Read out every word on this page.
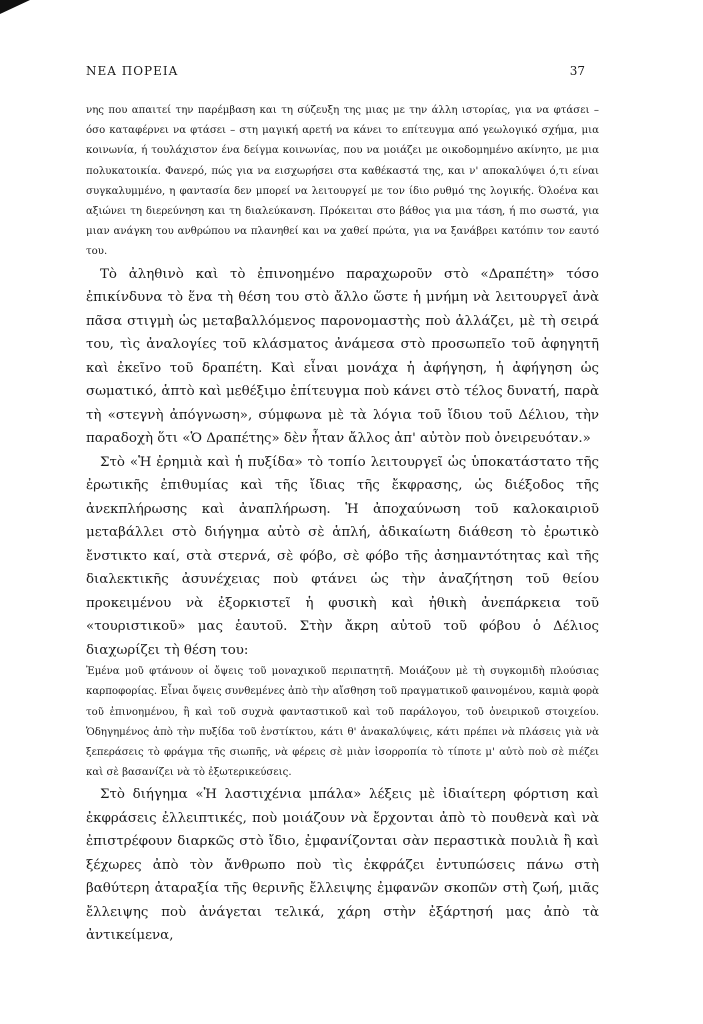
ΝΕΑ ΠΟΡΕΙΑ	37

νης που απαιτεί την παρέμβαση και τη σύζευξη της μιας με την άλλη ιστορίας, για να φτάσει – όσο καταφέρνει να φτάσει – στη μαγική αρετή να κάνει το επίτευγμα από γεωλογικό σχήμα, μια κοινωνία, ή τουλάχιστον ένα δείγμα κοινωνίας, που να μοιάζει με οικοδομημένο ακίνητο, με μια πολυκατοικία. Φανερό, πώς για να εισχωρήσει στα καθέκαστά της, και ν' αποκαλύψει ό,τι είναι συγκαλυμμένο, η φαντασία δεν μπορεί να λειτουργεί με τον ίδιο ρυθμό της λογικής. Όλοένα και αξιώνει τη διερεύνηση και τη διαλεύκανση. Πρόκειται στο βάθος για μια τάση, ή πιο σωστά, για μιαν ανάγκη του ανθρώπου να πλανηθεί και να χαθεί πρώτα, για να ξανάβρει κατόπιν τον εαυτό του.

Τὸ ἀληθινὸ καὶ τὸ ἐπινοημένο παραχωροῦν στὸ «Δραπέτη» τόσο ἐπικίνδυνα τὸ ἕνα τὴ θέση του στὸ ἄλλο ὥστε ἡ μνήμη νὰ λειτουργεῖ ἀνὰ πᾶσα στιγμὴ ὡς μεταβαλλόμενος παρονομαστὴς ποὺ ἀλλάζει, μὲ τὴ σειρά του, τὶς ἀναλογίες τοῦ κλάσματος ἀνάμεσα στὸ προσωπεῖο τοῦ ἀφηγητῆ καὶ ἐκεῖνο τοῦ δραπέτη. Καὶ εἶναι μονάχα ἡ ἀφήγηση, ἡ ἀφήγηση ὡς σωματικό, ἁπτὸ καὶ μεθέξιμο ἐπίτευγμα ποὺ κάνει στὸ τέλος δυνατή, παρὰ τὴ «στεγνὴ ἀπόγνωση», σύμφωνα μὲ τὰ λόγια τοῦ ἴδιου τοῦ Δέλιου, τὴν παραδοχὴ ὅτι «Ὁ Δραπέτης» δὲν ἦταν ἄλλος ἀπ' αὐτὸν ποὺ ὀνειρευόταν.»

Στὸ «Ἡ ἐρημιὰ καὶ ἡ πυξίδα» τὸ τοπίο λειτουργεῖ ὡς ὑποκατάστατο τῆς ἐρωτικῆς ἐπιθυμίας καὶ τῆς ἴδιας τῆς ἔκφρασης, ὡς διέξοδος τῆς ἀνεκπλήρωσης καὶ ἀναπλήρωση. Ἡ ἀποχαύνωση τοῦ καλοκαιριοῦ μεταβάλλει στὸ διήγημα αὐτὸ σὲ ἁπλή, ἀδικαίωτη διάθεση τὸ ἐρωτικὸ ἔνστικτο καί, στὰ στερνά, σὲ φόβο, σὲ φόβο τῆς ἀσημαντότητας καὶ τῆς διαλεκτικῆς ἀσυνέχειας ποὺ φτάνει ὡς τὴν ἀναζήτηση τοῦ θείου προκειμένου νὰ ἐξορκιστεῖ ἡ φυσικὴ καὶ ἠθικὴ ἀνεπάρκεια τοῦ «τουριστικοῦ» μας ἑαυτοῦ. Στὴν ἄκρη αὐτοῦ τοῦ φόβου ὁ Δέλιος διαχωρίζει τὴ θέση του:

Ἐμένα μοῦ φτάνουν οἱ ὄψεις τοῦ μοναχικοῦ περιπατητῆ. Μοιάζουν μὲ τὴ συγκομιδὴ πλούσιας καρποφορίας. Εἶναι ὄψεις συνθεμένες ἀπὸ τὴν αἴσθηση τοῦ πραγματικοῦ φαινομένου, καμιὰ φορὰ τοῦ ἐπινοημένου, ἢ καὶ τοῦ συχνὰ φανταστικοῦ καὶ τοῦ παράλογου, τοῦ ὀνειρικοῦ στοιχείου. Ὁδηγημένος ἀπὸ τὴν πυξίδα τοῦ ἐνστίκτου, κάτι θ' ἀνακαλύψεις, κάτι πρέπει νὰ πλάσεις γιὰ νὰ ξεπεράσεις τὸ φράγμα τῆς σιωπῆς, νὰ φέρεις σὲ μιὰν ἰσορροπία τὸ τίποτε μ' αὐτὸ ποὺ σὲ πιέζει καὶ σὲ βασανίζει νὰ τὸ ἐξωτερικεύσεις.

Στὸ διήγημα «Ἡ λαστιχένια μπάλα» λέξεις μὲ ἰδιαίτερη φόρτιση καὶ ἐκφράσεις ἐλλειπτικές, ποὺ μοιάζουν νὰ ἔρχονται ἀπὸ τὸ πουθενὰ καὶ νὰ ἐπιστρέφουν διαρκῶς στὸ ἴδιο, ἐμφανίζονται σὰν περαστικὰ πουλιὰ ἢ καὶ ξέχωρες ἀπὸ τὸν ἄνθρωπο ποὺ τὶς ἐκφράζει ἐντυπώσεις πάνω στὴ βαθύτερη ἀταραξία τῆς θερινῆς ἔλλειψης ἐμφανῶν σκοπῶν στὴ ζωή, μιᾶς ἔλλειψης ποὺ ἀνάγεται τελικά, χάρη στὴν ἐξάρτησή μας ἀπὸ τὰ ἀντικείμενα,
